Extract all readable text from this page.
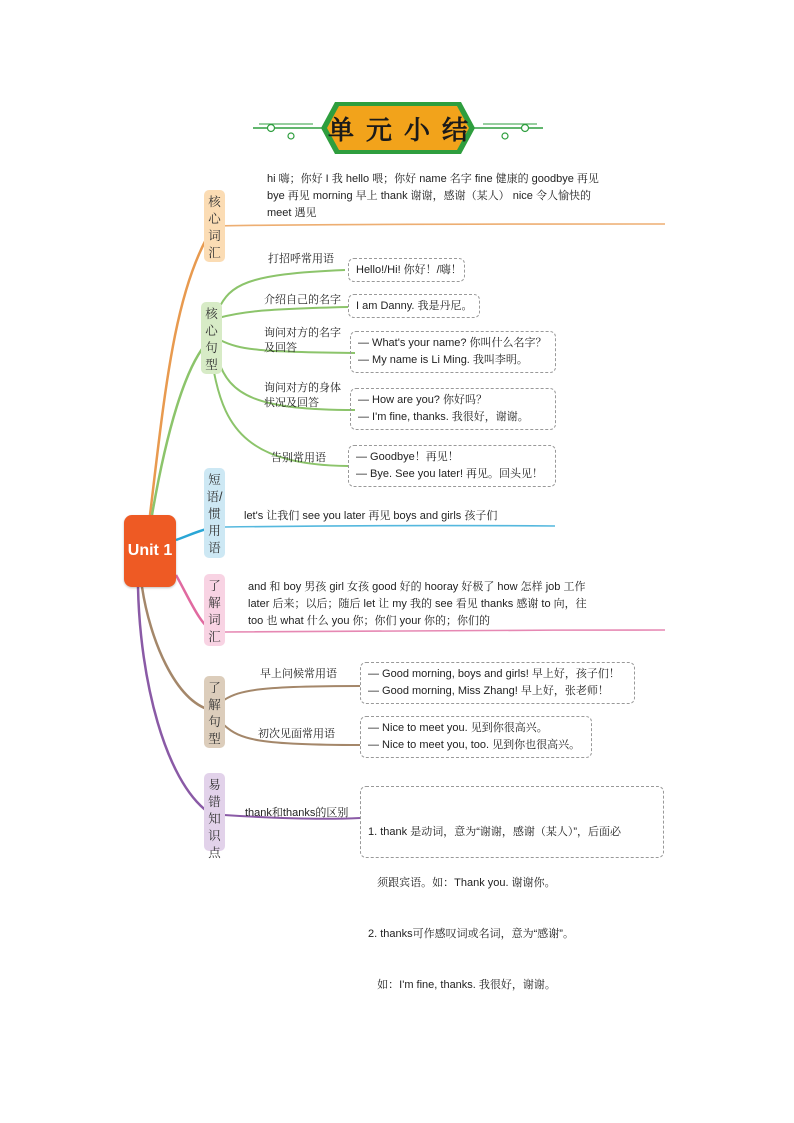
单元小结
Unit 1
核心词汇
核心句型
短语/惯用语
了解词汇
了解句型
易错知识点
hi 嗨；你好 I 我 hello 喂；你好 name 名字 fine 健康的 goodbye 再见
bye 再见 morning 早上 thank 谢谢，感谢（某人） nice 令人愉快的
meet 遇见
打招呼常用语
Hello!/Hi! 你好！/嗨！
介绍自己的名字 I am Danny. 我是丹尼。
询问对方的名字
及回答	— What's your name? 你叫什么名字？
— My name is Li Ming. 我叫李明。
询问对方的身体
状况及回答	— How are you? 你好吗？
— I'm fine, thanks. 我很好，谢谢。
告别常用语	— Goodbye！再见！
— Bye. See you later! 再见。回头见！
let's 让我们 see you later 再见 boys and girls 孩子们
and 和 boy 男孩 girl 女孩 good 好的 hooray 好极了 how 怎样 job 工作
later 后来；以后；随后 let 让 my 我的 see 看见 thanks 感谢 to 向，往
too 也 what 什么 you 你；你们 your 你的；你们的
早上问候常用语	— Good morning, boys and girls! 早上好，孩子们！
— Good morning, Miss Zhang! 早上好，张老师！
初次见面常用语	— Nice to meet you. 见到你很高兴。
— Nice to meet you, too. 见到你也很高兴。
thank和thanks的区别

1. thank 是动词，意为“谢谢，感谢（某人）”，后面必

须跟宾语。如：Thank you. 谢谢你。

2. thanks可作感叹词或名词，意为“感谢”。

如：I'm fine, thanks. 我很好，谢谢。
